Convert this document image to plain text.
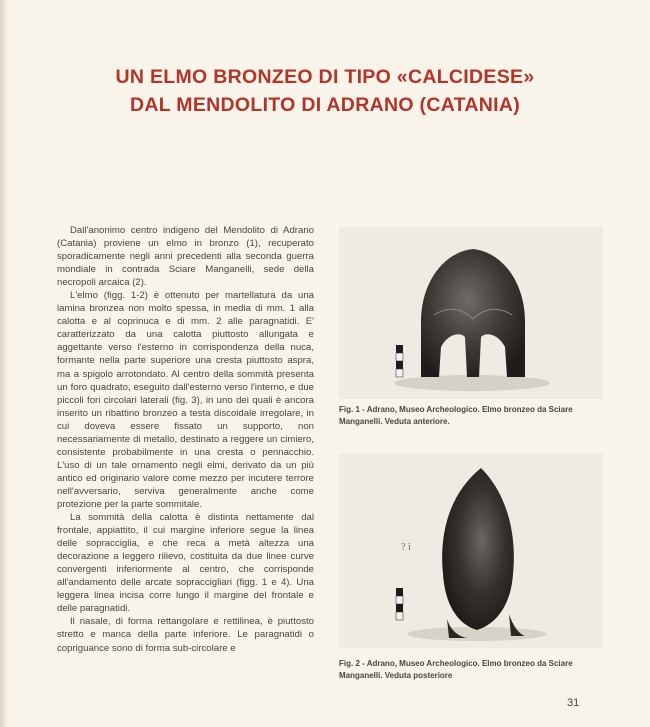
UN ELMO BRONZEO DI TIPO «CALCIDESE»
DAL MENDOLITO DI ADRANO (CATANIA)

Dall'anonimo centro indigeno del Mendolito di Adrano (Catania) proviene un elmo in bronzo (1), recuperato sporadicamente negli anni precedenti alla seconda guerra mondiale in contrada Sciare Manganelli, sede della necropoli arcaica (2).

L'elmo (figg. 1-2) è ottenuto per martellatura da una lamina bronzea non molto spessa, in media di mm. 1 alla calotta e al coprinuca e di mm. 2 alle paragnatidi. E' caratterizzato da una calotta piuttosto allungata e aggettante verso l'esterno in corrispondenza della nuca, formante nella parte superiore una cresta piuttosto aspra, ma a spigolo arrotondato. Al centro della sommità presenta un foro quadrato, eseguito dall'esterno verso l'interno, e due piccoli fori circolari laterali (fig. 3), in uno dei quali è ancora inserito un ribattino bronzeo a testa discoidale irregolare, in cui doveva essere fissato un supporto, non necessariamente di metallo, destinato a reggere un cimiero, consistente probabilmente in una cresta o pennacchio. L'uso di un tale ornamento negli elmi, derivato da un più antico ed originario valore come mezzo per incutere terrore nell'avversario, serviva generalmente anche come protezione per la parte sommitale.

La sommità della calotta è distinta nettamente dal frontale, appiattito, il cui margine inferiore segue la linea delle sopracciglia, e che reca a metà altezza una decorazione a leggero rilievo, costituita da due linee curve convergenti inferiormente al centro, che corrisponde all'andamento delle arcate sopraccigliari (figg. 1 e 4). Una leggera linea incisa corre lungo il margine del frontale e delle paragnatidi.

Il nasale, di forma rettangolare e rettilinea, è piuttosto stretto e manca della parte inferiore. Le paragnatidi o copriguance sono di forma sub-circolare e

Fig. 1 - Adrano, Museo Archeologico. Elmo bronzeo da Sciare Manganelli. Veduta anteriore.
? i
Fig. 2 - Adrano, Museo Archeologico. Elmo bronzeo da Sciare Manganelli. Veduta posteriore
31
